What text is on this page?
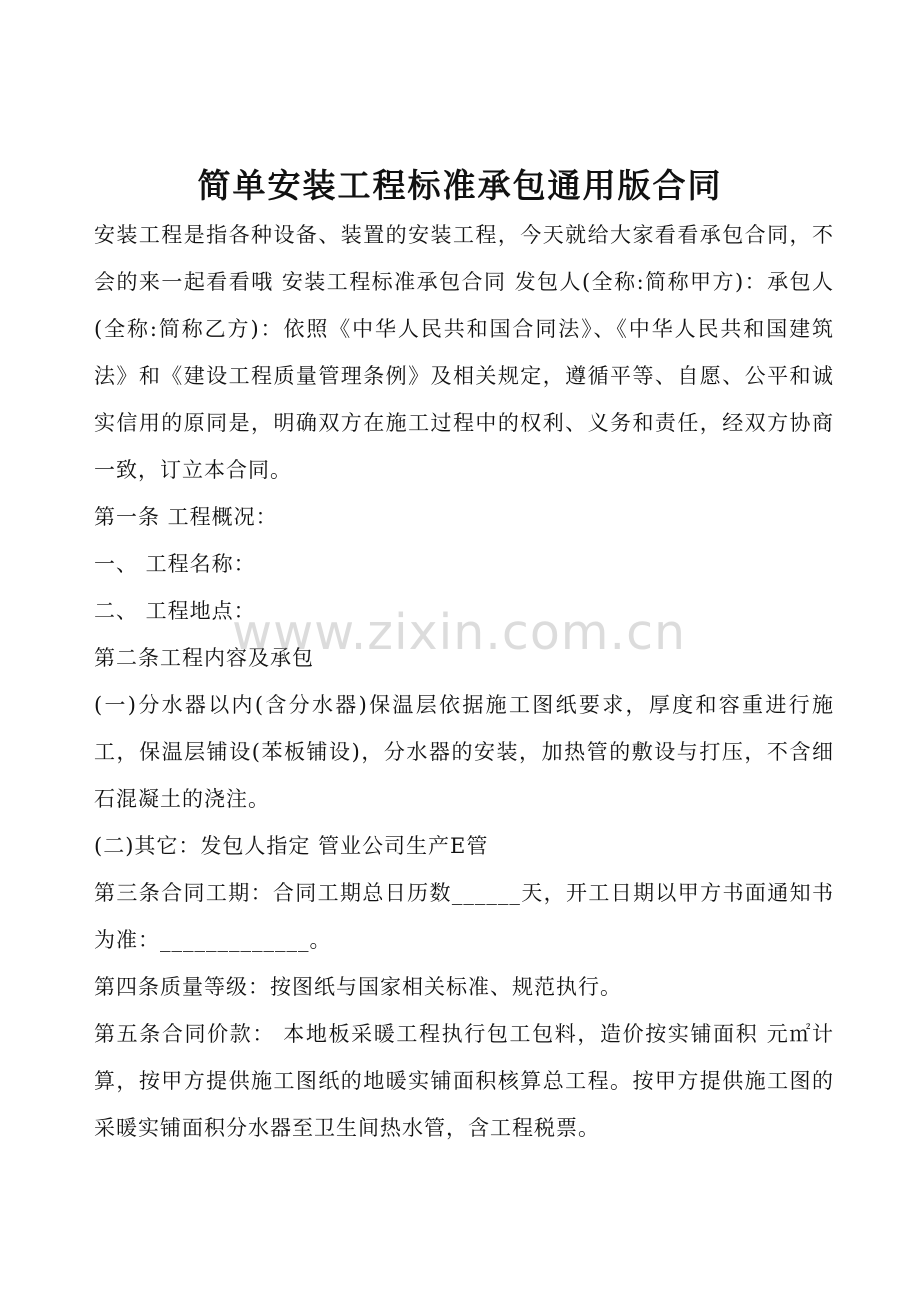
简单安装工程标准承包通用版合同

安装工程是指各种设备、装置的安装工程，今天就给大家看看承包合同，不会的来一起看看哦 安装工程标准承包合同 发包人(全称:简称甲方)：承包人(全称:简称乙方)：依照《中华人民共和国合同法》、《中华人民共和国建筑法》和《建设工程质量管理条例》及相关规定，遵循平等、自愿、公平和诚实信用的原同是，明确双方在施工过程中的权利、义务和责任，经双方协商一致，订立本合同。

第一条 工程概况：

一、 工程名称：

二、 工程地点：

第二条工程内容及承包

(一)分水器以内(含分水器)保温层依据施工图纸要求，厚度和容重进行施工，保温层铺设(苯板铺设)，分水器的安装，加热管的敷设与打压，不含细石混凝土的浇注。

(二)其它：发包人指定 管业公司生产E管

第三条合同工期：合同工期总日历数______天，开工日期以甲方书面通知书为准：_____________。

第四条质量等级：按图纸与国家相关标准、规范执行。

第五条合同价款： 本地板采暖工程执行包工包料，造价按实铺面积 元㎡计算，按甲方提供施工图纸的地暖实铺面积核算总工程。按甲方提供施工图的采暖实铺面积分水器至卫生间热水管，含工程税票。

www.zixin.com.cn
